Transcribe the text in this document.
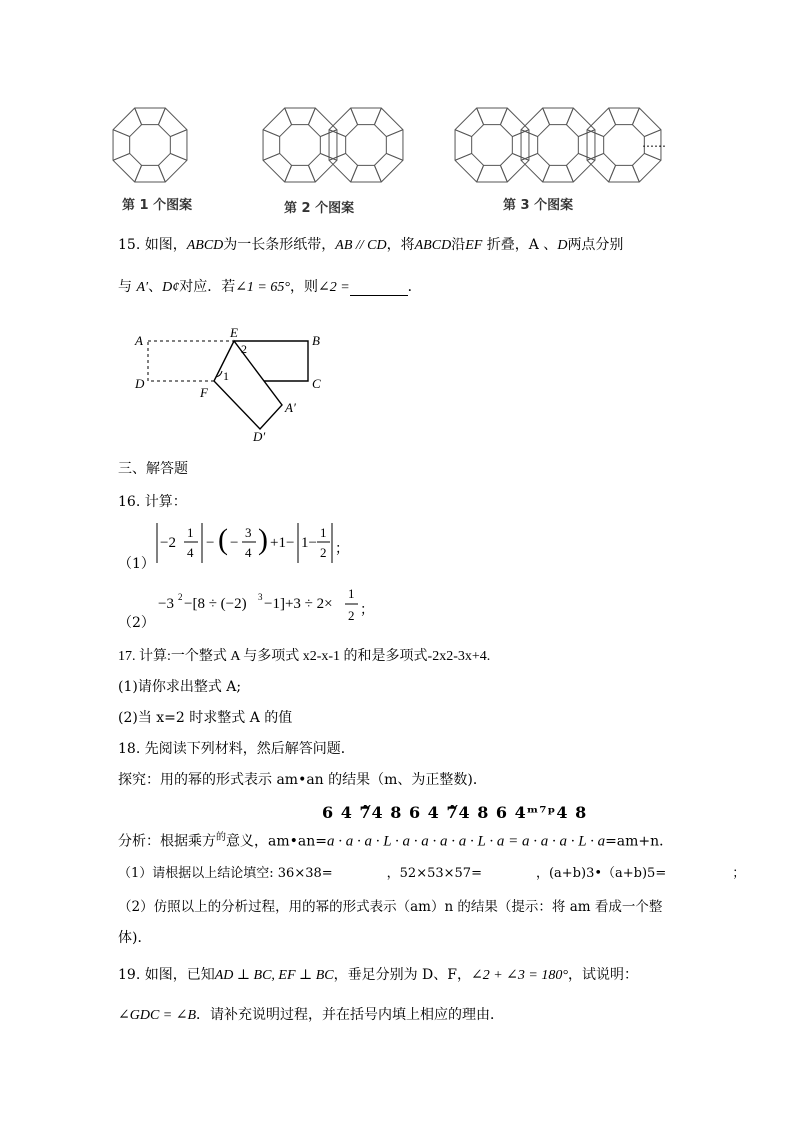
第 1 个图案	第 2 个图案	第 3 个图案
……
15. 如图，ABCD为一长条形纸带，AB // CD，将ABCD沿EF 折叠，A 、D两点分别
与 A′、D¢对应．若∠1 = 65°，则∠2 =	．
A
D
E
B
C
F
A′
D′
1
2
三、解答题
16. 计算：
（1）
−2
1
4
− ( −
3
4 ) +1− 1−
1
2 ；
（2）
−3 2 −[8 ÷ (−2) 3 −1]+3 ÷ 2×
1
2 ；
17. 计算:一个整式 A 与多项式 x2-x-1 的和是多项式-2x2-3x+4.
(1)请你求出整式 A;
(2)当 x=2 时求整式 A 的值
18. 先阅读下列材料，然后解答问题．
探究：用的幂的形式表示 am•an 的结果（m、为正整数)．
6 4 7᷉4 8 6 4 7᷉4 8 6 4ᵐ⁷ᵖ4 8
分析：根据乘方$^的$意义，am•an=a · a · a · L · a · a · a · a · L · a = a · a · a · L · a=am+n．
（1）请根据以上结论填空: 36×38=	，52×53×57=	，(a+b)3•（a+b)5=	；
（2）仿照以上的分析过程，用的幂的形式表示（am）n 的结果（提示：将 am 看成一个整
体)．
19. 如图，已知AD ⊥ BC, EF ⊥ BC，垂足分别为 D、F，∠2 + ∠3 = 180°，试说明：
∠GDC = ∠B．请补充说明过程，并在括号内填上相应的理由．
